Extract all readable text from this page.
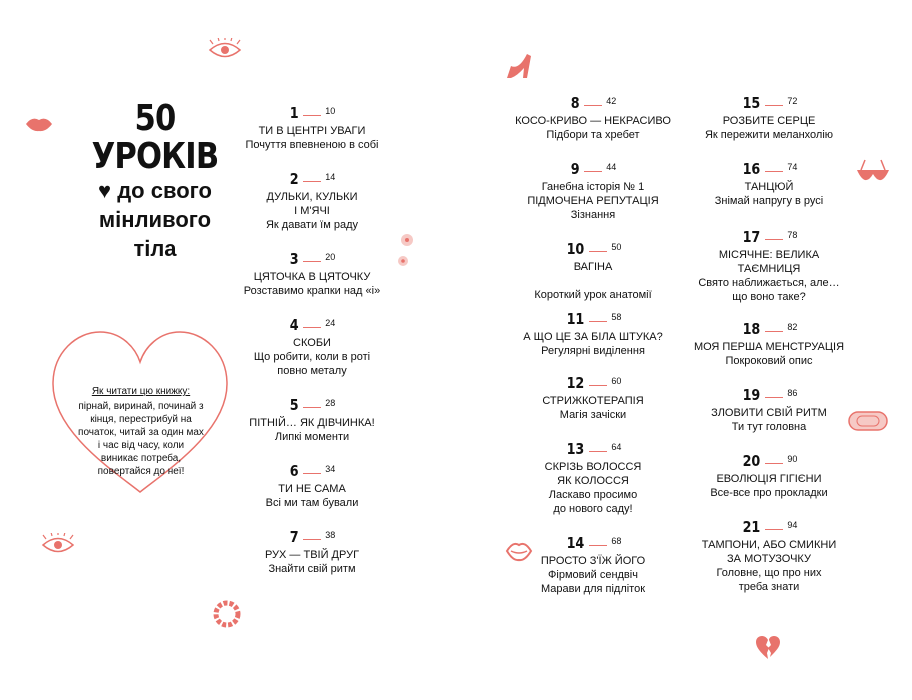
50
УРОКІВ
♥ до свого
мінливого
тіла
Як читати цю книжку:
пірнай, виринай, починай з кінця, перестрибуй на початок, читай за один мах і час від часу, коли виникає потреба, повертайся до неї!
1	10
ТИ В ЦЕНТРІ УВАГИ
Почуття впевненою в собі
2	14
ДУЛЬКИ, КУЛЬКИ
І М'ЯЧІ
Як давати їм раду
3	20
ЦЯТОЧКА В ЦЯТОЧКУ
Розставимо крапки над «і»
4	24
СКОБИ
Що робити, коли в роті
повно металу
5	28
ПІТНІЙ… ЯК ДІВЧИНКА!
Липкі моменти
6	34
ТИ НЕ САМА
Всі ми там бували
7	38
РУХ — ТВІЙ ДРУГ
Знайти свій ритм
8	42
КОСО-КРИВО — НЕКРАСИВО
Підбори та хребет
9	44
Ганебна історія № 1
ПІДМОЧЕНА РЕПУТАЦІЯ
Зізнання
10	50
ВАГІНА
Короткий урок анатомії
11	58
А ЩО ЦЕ ЗА БІЛА ШТУКА?
Регулярні виділення
12	60
СТРИЖКОТЕРАПІЯ
Магія зачіски
13	64
СКРІЗЬ ВОЛОССЯ
ЯК КОЛОССЯ
Ласкаво просимо
до нового саду!
14	68
ПРОСТО З'ЇЖ ЙОГО
Фірмовий сендвіч
Марави для підліток
15	72
РОЗБИТЕ СЕРЦЕ
Як пережити меланхолію
16	74
ТАНЦЮЙ
Знімай напругу в русі
17	78
МІСЯЧНЕ: ВЕЛИКА
ТАЄМНИЦЯ
Свято наближається, але…
що воно таке?
18	82
МОЯ ПЕРША МЕНСТРУАЦІЯ
Покроковий опис
19	86
ЗЛОВИТИ СВІЙ РИТМ
Ти тут головна
20	90
ЕВОЛЮЦІЯ ГІГІЄНИ
Все-все про прокладки
21	94
ТАМПОНИ, АБО СМИКНИ
ЗА МОТУЗОЧКУ
Головне, що про них
треба знати
